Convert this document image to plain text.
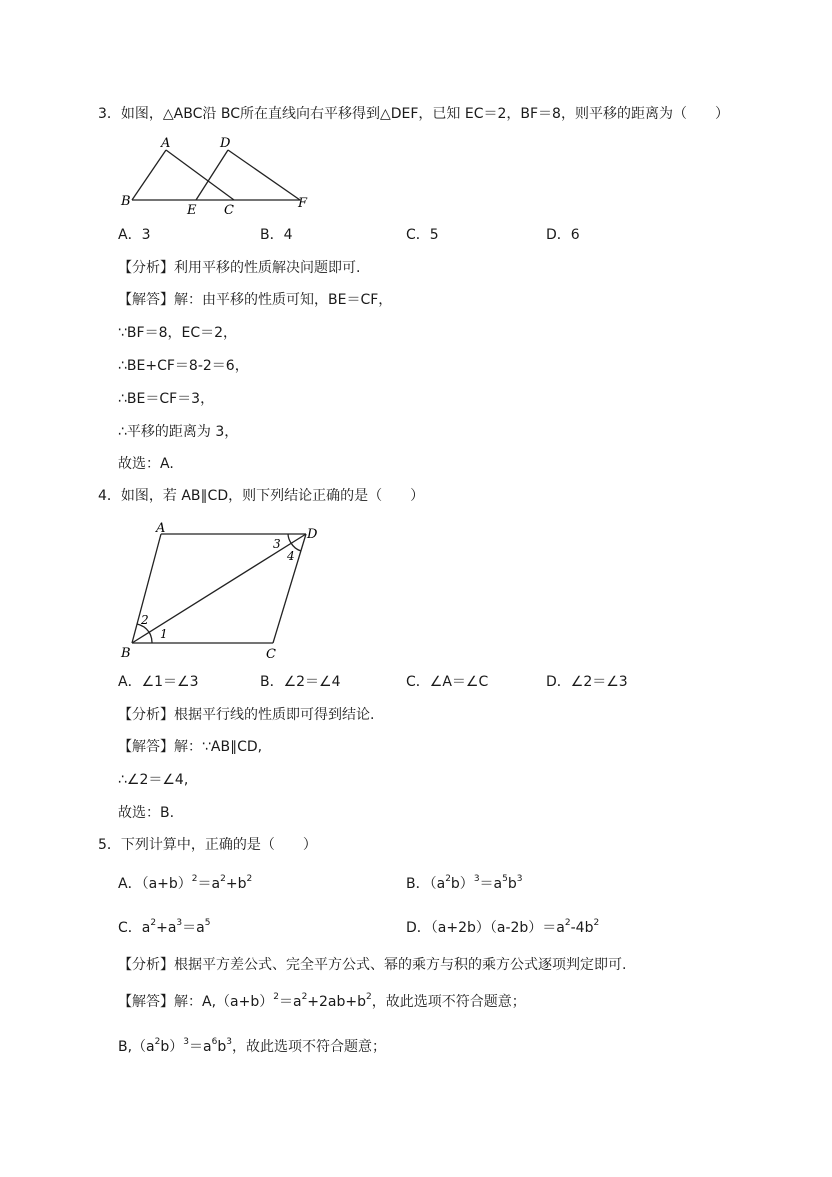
3．如图，△ABC沿 BC所在直线向右平移得到△DEF，已知 EC＝2，BF＝8，则平移的距离为（　　）
A
B
C
D
E	F
A．3	B．4	C．5	D．6
【分析】利用平移的性质解决问题即可.
【解答】解：由平移的性质可知，BE＝CF，
∵BF＝8，EC＝2，
∴BE+CF＝8-2＝6，
∴BE＝CF＝3，
∴平移的距离为 3，
故选：A.
4．如图，若 AB∥CD，则下列结论正确的是（　　）
A
B	C
D
1
2
3
4
A．∠1＝∠3	B．∠2＝∠4	C．∠A＝∠C	D．∠2＝∠3
【分析】根据平行线的性质即可得到结论.
【解答】解：∵AB∥CD,
∴∠2＝∠4,
故选：B.
5．下列计算中，正确的是（　　）
A．$(a+b)^2=a^2+b^2$	B．$(a^2b)^3=a^5b^3$
C．$a^2+a^3=a^5$	D．$(a+2b)(a-2b)=a^2-4b^2$
【分析】根据平方差公式、完全平方公式、幂的乘方与积的乘方公式逐项判定即可.
【解答】解：$A,(a+b)^2=a^2+2ab+b^2$，故此选项不符合题意；
$B,(a^2b)^3=a^6b^3$，故此选项不符合题意；
